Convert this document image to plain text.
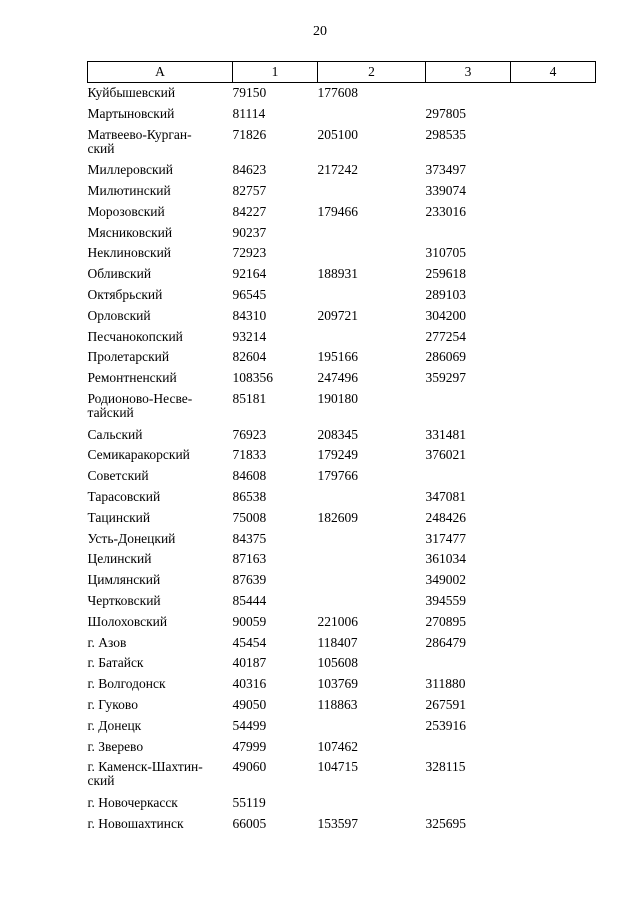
20
А	1	2	3	4
Куйбышевский	79150	177608		
Мартыновский	81114		297805	
Матвеево-Курган-
ский	71826	205100	298535	
Миллеровский	84623	217242	373497	
Милютинский	82757		339074	
Морозовский	84227	179466	233016	
Мясниковский	90237			
Неклиновский	72923		310705	
Обливский	92164	188931	259618	
Октябрьский	96545		289103	
Орловский	84310	209721	304200	
Песчанокопский	93214		277254	
Пролетарский	82604	195166	286069	
Ремонтненский	108356	247496	359297	
Родионово-Несве-
тайский	85181	190180		
Сальский	76923	208345	331481	
Семикаракорский	71833	179249	376021	
Советский	84608	179766		
Тарасовский	86538		347081	
Тацинский	75008	182609	248426	
Усть-Донецкий	84375		317477	
Целинский	87163		361034	
Цимлянский	87639		349002	
Чертковский	85444		394559	
Шолоховский	90059	221006	270895	
г. Азов	45454	118407	286479	
г. Батайск	40187	105608		
г. Волгодонск	40316	103769	311880	
г. Гуково	49050	118863	267591	
г. Донецк	54499		253916	
г. Зверево	47999	107462		
г. Каменск-Шахтин-
ский	49060	104715	328115	
г. Новочеркасск	55119			
г. Новошахтинск	66005	153597	325695	
